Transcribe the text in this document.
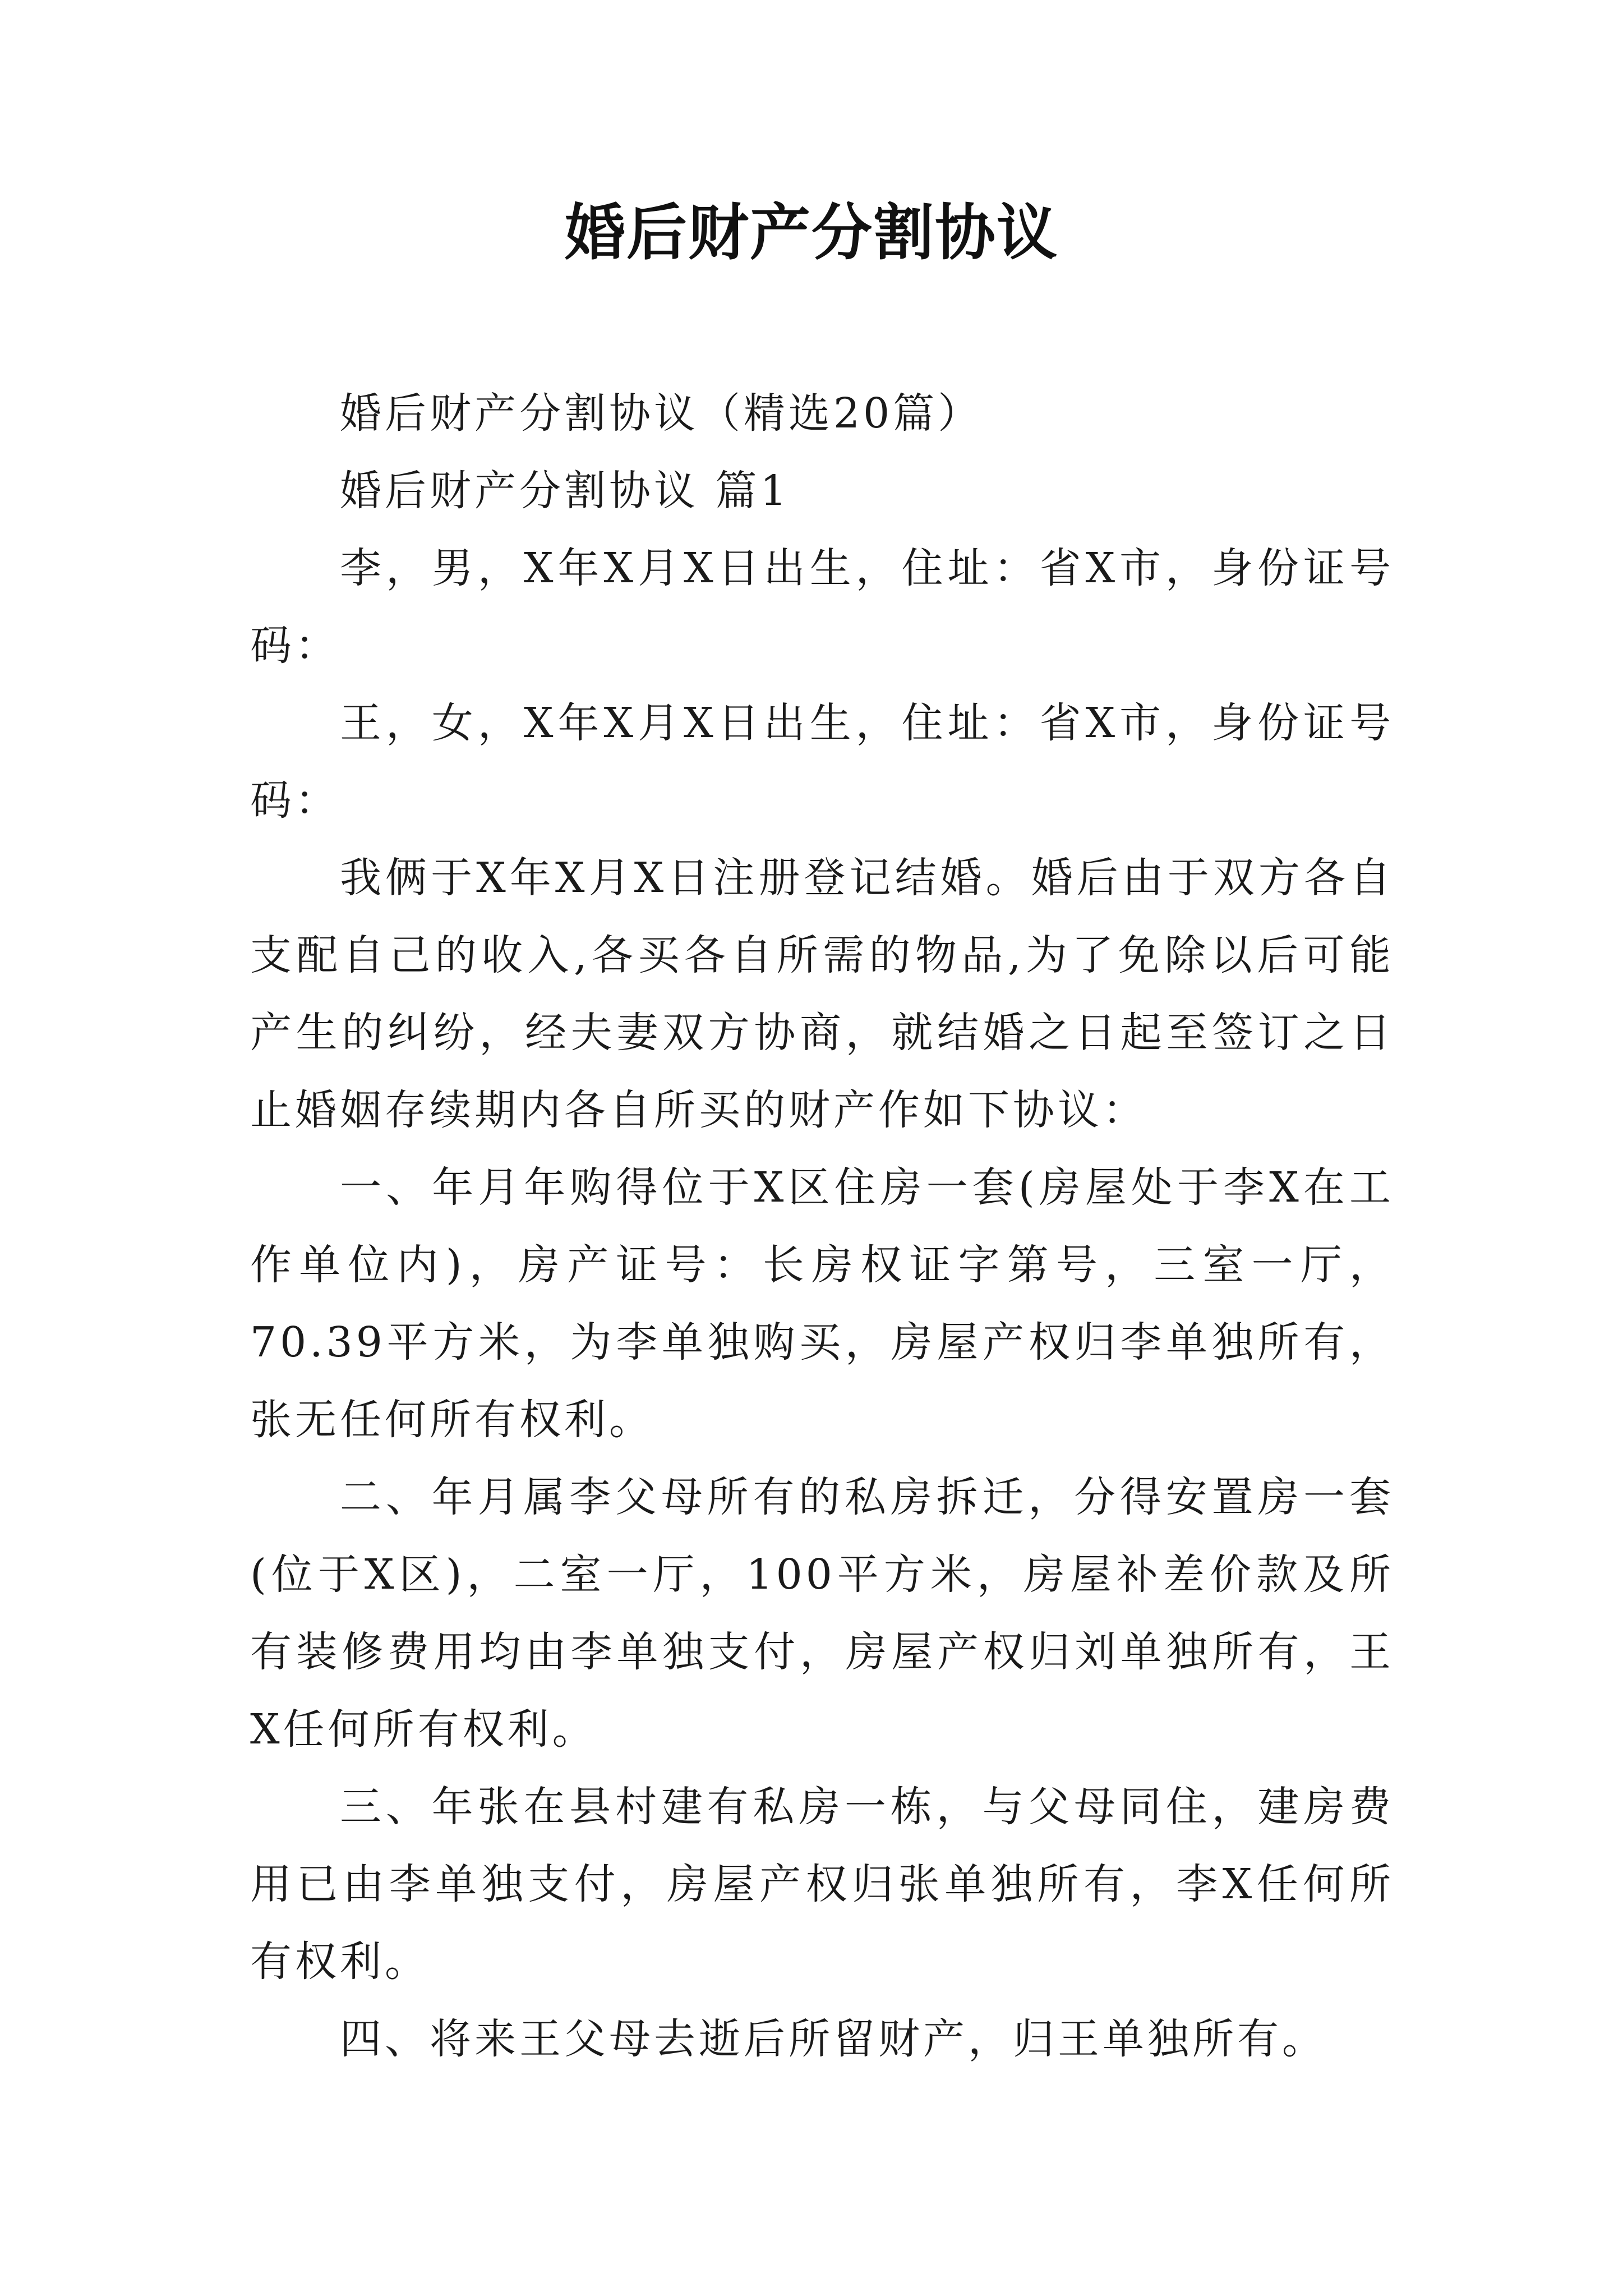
婚后财产分割协议

婚后财产分割协议（精选20篇）

婚后财产分割协议 篇1

李，男，X年X月X日出生，住址：省X市，身份证号码：

王，女，X年X月X日出生，住址：省X市，身份证号码：

我俩于X年X月X日注册登记结婚。婚后由于双方各自支配自己的收入,各买各自所需的物品,为了免除以后可能产生的纠纷，经夫妻双方协商，就结婚之日起至签订之日止婚姻存续期内各自所买的财产作如下协议：

一、年月年购得位于X区住房一套(房屋处于李X在工作单位内)，房产证号：长房权证字第号，三室一厅，70.39平方米，为李单独购买，房屋产权归李单独所有，张无任何所有权利。

二、年月属李父母所有的私房拆迁，分得安置房一套(位于X区)，二室一厅，100平方米，房屋补差价款及所有装修费用均由李单独支付，房屋产权归刘单独所有，王X任何所有权利。

三、年张在县村建有私房一栋，与父母同住，建房费用已由李单独支付，房屋产权归张单独所有，李X任何所有权利。

四、将来王父母去逝后所留财产，归王单独所有。
